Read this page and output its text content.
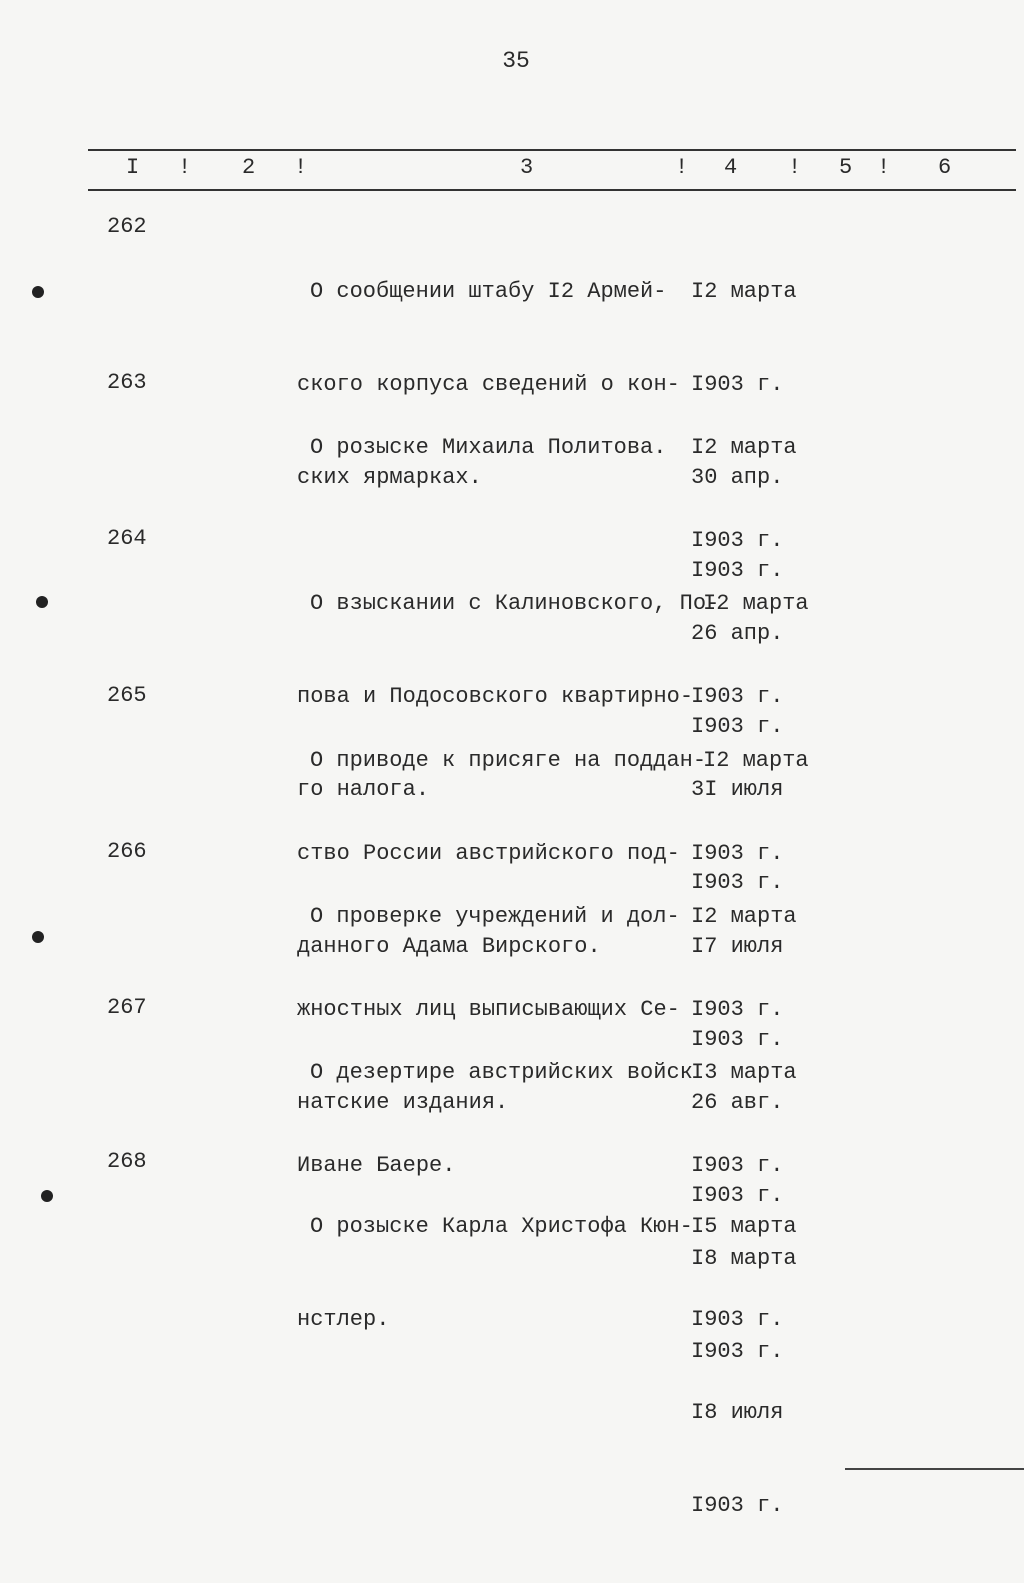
35
I ! 2 !	3	! 4 ! 5 ! 6
262

О сообщении штабу I2 Армей-

ского корпуса сведений о кон-

ских ярмарках.

I2 марта

I903 г.

30 апр.

I903 г.

263

О розыске Михаила Политова.

I2 марта

I903 г.

26 апр.

I903 г.

264

О взыскании с Калиновского, По-

пова и Подосовского квартирно-

го налога.

I2 марта

I903 г.

3I июля

I903 г.

265

О приводе к присяге на поддан-

ство России австрийского под-

данного Адама Вирского.

I2 марта

I903 г.

I7 июля

I903 г.

266

О проверке учреждений и дол-

жностных лиц выписывающих Се-

натские издания.

I2 марта

I903 г.

26 авг.

I903 г.

267

О дезертире австрийских войск

Иване Баере.

I3 марта

I903 г.

I8 марта

I903 г.

268

О розыске Карла Христофа Кюн-

нстлер.

I5 марта

I903 г.

I8 июля

I903 г.
